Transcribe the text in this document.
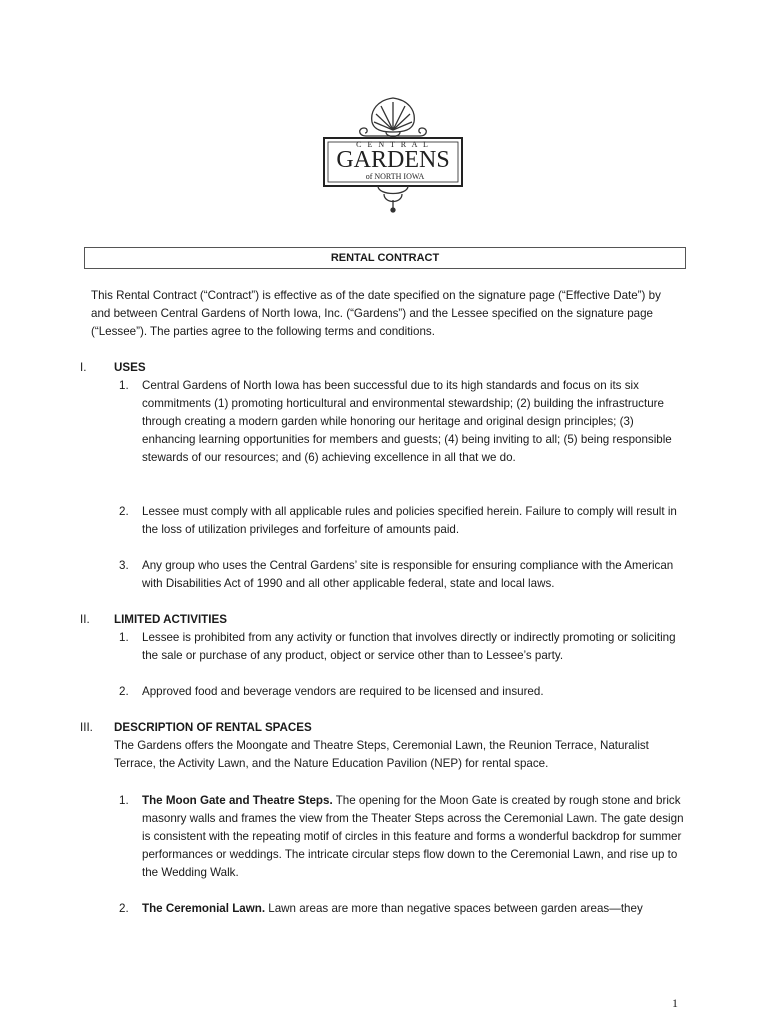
C E N T R A L
GARDENS
of NORTH IOWA
RENTAL CONTRACT
This Rental Contract (“Contract”) is effective as of the date specified on the signature page (“Effective Date”) by and between Central Gardens of North Iowa, Inc. (“Gardens”) and the Lessee specified on the signature page (“Lessee”). The parties agree to the following terms and conditions.
I. USES
1. Central Gardens of North Iowa has been successful due to its high standards and focus on its six commitments (1) promoting horticultural and environmental stewardship; (2) building the infrastructure through creating a modern garden while honoring our heritage and original design principles; (3) enhancing learning opportunities for members and guests; (4) being inviting to all; (5) being responsible stewards of our resources; and (6) achieving excellence in all that we do.
2. Lessee must comply with all applicable rules and policies specified herein. Failure to comply will result in the loss of utilization privileges and forfeiture of amounts paid.
3. Any group who uses the Central Gardens’ site is responsible for ensuring compliance with the American with Disabilities Act of 1990 and all other applicable federal, state and local laws.
II. LIMITED ACTIVITIES
1. Lessee is prohibited from any activity or function that involves directly or indirectly promoting or soliciting the sale or purchase of any product, object or service other than to Lessee’s party.
2. Approved food and beverage vendors are required to be licensed and insured.
III. DESCRIPTION OF RENTAL SPACES
The Gardens offers the Moongate and Theatre Steps, Ceremonial Lawn, the Reunion Terrace, Naturalist Terrace, the Activity Lawn, and the Nature Education Pavilion (NEP) for rental space.
1. The Moon Gate and Theatre Steps. The opening for the Moon Gate is created by rough stone and brick masonry walls and frames the view from the Theater Steps across the Ceremonial Lawn. The gate design is consistent with the repeating motif of circles in this feature and forms a wonderful backdrop for summer performances or weddings. The intricate circular steps flow down to the Ceremonial Lawn, and rise up to the Wedding Walk.
2. The Ceremonial Lawn. Lawn areas are more than negative spaces between garden areas—they
1
